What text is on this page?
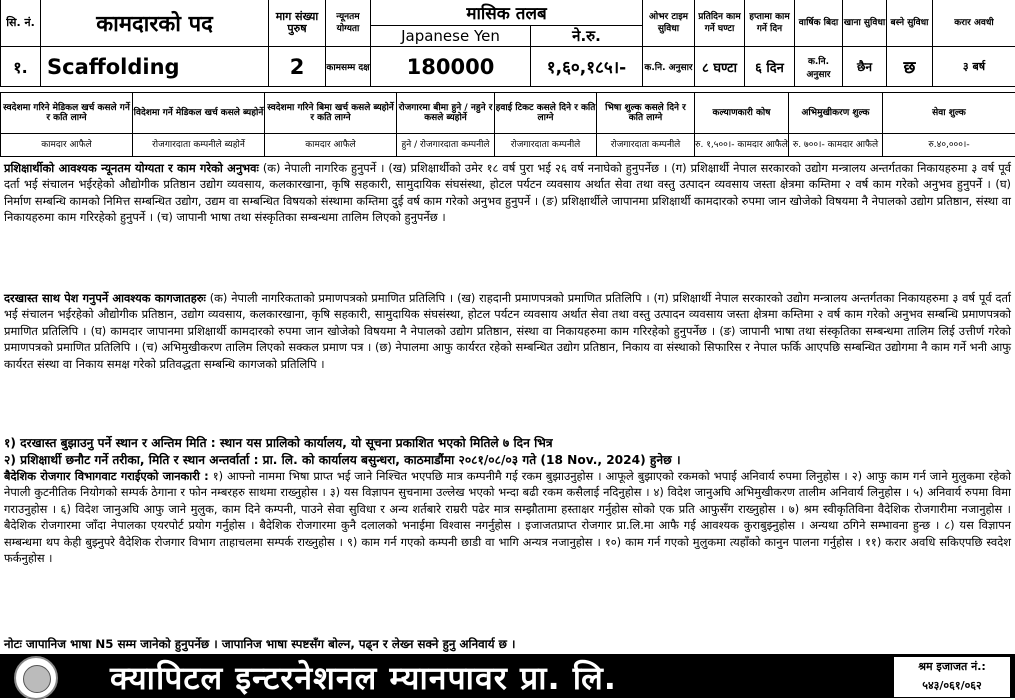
सि. नं.	कामदारको पद	माग संख्या पुरुष	न्यूनतम योग्यता	मासिक तलब		ओभर टाइम सुविधा	प्रतिदिन काम गर्ने घण्टा	हप्तामा काम गर्ने दिन	वार्षिक बिदा	खाना सुविधा	बस्ने सुविधा	करार अवधी
				Japanese Yen	ने.रु.							
१.	Scaffolding	2	कामसम्म दक्ष	180000	१,६०,१८५।-	क.नि. अनुसार	८ घण्टा	६ दिन	क.नि. अनुसार	छैन	छ	३ बर्ष
स्वदेशमा गरिने मेडिकल खर्च कसले गर्ने र कति लाग्ने	विदेशमा गर्ने मेडिकल खर्च कसले ब्यहोर्ने	स्वदेशमा गरिने बिमा खर्च कसले ब्यहोर्ने र कति लाग्ने	रोजगारमा बीमा हुने / नहुने र कसले ब्यहोर्ने	हवाई टिकट कसले दिने र कति लाग्ने	भिषा शुल्क कसले दिने र कति लाग्ने	कल्याणकारी कोष	अभिमुखीकरण शुल्क	सेवा शुल्क
कामदार आफैले	रोजगारदाता कम्पनीले ब्यहोर्ने	कामदार आफैले	हुने / रोजगारदाता कम्पनीले	रोजगारदाता कम्पनीले	रोजगारदाता कम्पनीले	रु. १,५००।- कामदार आफैले	रु. ७००।- कामदार आफैले	रु.४०,०००।-
प्रशिक्षार्थीको आवश्यक न्यूनतम योग्यता र काम गरेको अनुभवः (क) नेपाली नागरिक हुनुपर्ने । (ख) प्रशिक्षार्थीको उमेर १८ वर्ष पुरा भई २६ वर्ष ननाघेको हुनुपर्नेछ । (ग) प्रशिक्षार्थी नेपाल सरकारको उद्योग मन्त्रालय अन्तर्गतका निकायहरुमा ३ वर्ष पूर्व दर्ता भई संचालन भईरहेको औद्योगीक प्रतिष्ठान उद्योग व्यवसाय, कलकारखाना, कृषि सहकारी, सामुदायिक संघसंस्था, होटल पर्यटन व्यवसाय अर्थात सेवा तथा वस्तु उत्पादन व्यवसाय जस्ता क्षेत्रमा कम्तिमा २ वर्ष काम गरेको अनुभव हुनुपर्ने । (घ) निर्माण सम्बन्धि कामको निमित्त सम्बन्धित उद्योग, उद्यम वा सम्बन्धित विषयको संस्थामा कम्तिमा दुई वर्ष काम गरेको अनुभव हुनुपर्ने । (ङ) प्रशिक्षार्थीले जापानमा प्रशिक्षार्थी कामदारको रुपमा जान खोजेको विषयमा नै नेपालको उद्योग प्रतिष्ठान, संस्था वा निकायहरुमा काम गरिरहेको हुनुपर्ने । (च) जापानी भाषा तथा संस्कृतिका सम्बन्धमा तालिम लिएको हुनुपर्नेछ ।
दरखास्त साथ पेश गनुपर्ने आवश्यक कागजातहरुः (क) नेपाली नागरिकताको प्रमाणपत्रको प्रमाणित प्रतिलिपि । (ख) राहदानी प्रमाणपत्रको प्रमाणित प्रतिलिपि । (ग) प्रशिक्षार्थी नेपाल सरकारको उद्योग मन्त्रालय अन्तर्गतका निकायहरुमा ३ वर्ष पूर्व दर्ता भई संचालन भईरहेको औद्योगीक प्रतिष्ठान, उद्योग व्यवसाय, कलकारखाना, कृषि सहकारी, सामुदायिक संघसंस्था, होटल पर्यटन व्यवसाय अर्थात सेवा तथा वस्तु उत्पादन व्यवसाय जस्ता क्षेत्रमा कम्तिमा २ वर्ष काम गरेको अनुभव सम्बन्धि प्रमाणपत्रको प्रमाणित प्रतिलिपि । (घ) कामदार जापानमा प्रशिक्षार्थी कामदारको रुपमा जान खोजेको विषयमा नै नेपालको उद्योग प्रतिष्ठान, संस्था वा निकायहरुमा काम गरिरहेको हुनुपर्नेछ । (ङ) जापानी भाषा तथा संस्कृतिका सम्बन्धमा तालिम लिई उत्तीर्ण गरेको प्रमाणपत्रको प्रमाणित प्रतिलिपि । (च) अभिमुखीकरण तालिम लिएको सक्कल प्रमाण पत्र । (छ) नेपालमा आफु कार्यरत रहेको सम्बन्धित उद्योग प्रतिष्ठान, निकाय वा संस्थाको सिफारिस र नेपाल फर्कि आएपछि सम्बन्धित उद्योगमा नै काम गर्ने भनी आफु कार्यरत संस्था वा निकाय समक्ष गरेको प्रतिवद्धता सम्बन्धि कागजको प्रतिलिपि ।
१) दरखास्त बुझाउनु पर्ने स्थान र अन्तिम मिति : स्थान यस प्रालिको कार्यालय, यो सूचना प्रकाशित भएको मितिले ७ दिन भित्र
२) प्रशिक्षार्थी छनौट गर्ने तरीका, मिति र स्थान अन्तर्वार्ता : प्रा. लि. को कार्यालय बसुन्धरा, काठमाडौंमा २०८१/०८/०३ गते (18 Nov., 2024) हुनेछ ।
बैदेशिक रोजगार विभागवाट गराईएको जानकारी : १) आफ्नो नाममा भिषा प्राप्त भई जाने निश्चित भएपछि मात्र कम्पनीमै गई रकम बुझाउनुहोस । आफूले बुझाएको रकमको भपाई अनिवार्य रुपमा लिनुहोस । २) आफु काम गर्न जाने मुलुकमा रहेको नेपाली कुटनीतिक नियोगको सम्पर्क ठेगाना र फोन नम्बरहरु साथमा राख्नुहोस । ३) यस विज्ञापन सुचनामा उल्लेख भएको भन्दा बढी रकम कसैलाई नदिनुहोस । ४) विदेश जानुअघि अभिमुखीकरण तालीम अनिवार्य लिनुहोस । ५) अनिवार्य रुपमा विमा गराउनुहोस । ६) विदेश जानुअघि आफु जाने मुलुक, काम दिने कम्पनी, पाउने सेवा सुविधा र अन्य शर्तबारे राम्ररी पढेर मात्र सम्झौतामा हस्ताक्षर गर्नुहोस सोको एक प्रति आफुसँग राख्नुहोस । ७) श्रम स्वीकृतिविना वैदेशिक रोजगारीमा नजानुहोस । बैदेशिक रोजगारमा जाँदा नेपालका एयरपोर्ट प्रयोग गर्नुहोस । बैदेशिक रोजगारमा कुनै दलालको भनाईमा विश्वास नगर्नुहोस । इजाजतप्राप्त रोजगार प्रा.लि.मा आफै गई आवश्यक कुराबुझ्नुहोस । अन्यथा ठगिने सम्भावना हुन्छ । ८) यस विज्ञापन सम्बन्धमा थप केही बुझ्नुपरे वैदेशिक रोजगार विभाग ताहाचलमा सम्पर्क राख्नुहोस । ९) काम गर्न गएको कम्पनी छाडी वा भागि अन्यत्र नजानुहोस । १०) काम गर्न गएको मुलुकमा त्यहाँको कानुन पालना गर्नुहोस । ११) करार अवधि सकिएपछि स्वदेश फर्कनुहोस ।
नोटः जापानिज भाषा N5 सम्म जानेको हुनुपर्नेछ । जापानिज भाषा स्पष्टसँग बोल्न, पढ्न र लेख्न सक्ने हुनु अनिवार्य छ ।
क्यापिटल इन्टरनेशनल म्यानपावर प्रा. लि.	श्रम इजाजत नं.:
५४३/०६१/०६२
